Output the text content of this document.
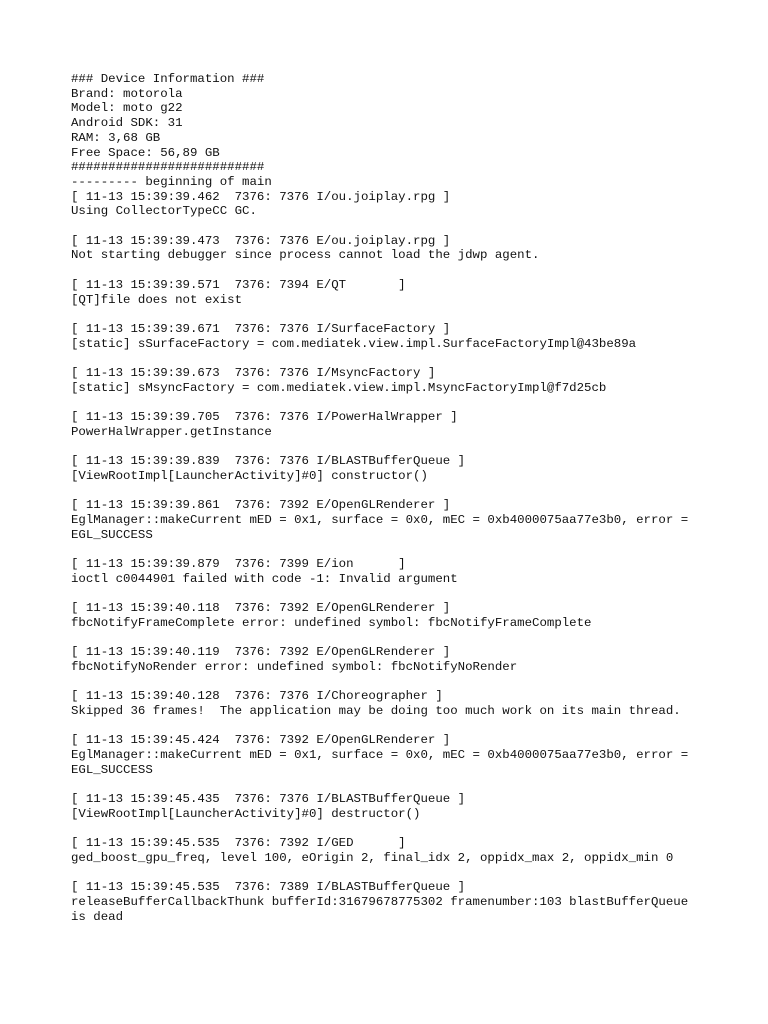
### Device Information ###
Brand: motorola
Model: moto g22
Android SDK: 31
RAM: 3,68 GB
Free Space: 56,89 GB
##########################
--------- beginning of main
[ 11-13 15:39:39.462  7376: 7376 I/ou.joiplay.rpg ]
Using CollectorTypeCC GC.
[ 11-13 15:39:39.473  7376: 7376 E/ou.joiplay.rpg ]
Not starting debugger since process cannot load the jdwp agent.
[ 11-13 15:39:39.571  7376: 7394 E/QT       ]
[QT]file does not exist
[ 11-13 15:39:39.671  7376: 7376 I/SurfaceFactory ]
[static] sSurfaceFactory = com.mediatek.view.impl.SurfaceFactoryImpl@43be89a
[ 11-13 15:39:39.673  7376: 7376 I/MsyncFactory ]
[static] sMsyncFactory = com.mediatek.view.impl.MsyncFactoryImpl@f7d25cb
[ 11-13 15:39:39.705  7376: 7376 I/PowerHalWrapper ]
PowerHalWrapper.getInstance
[ 11-13 15:39:39.839  7376: 7376 I/BLASTBufferQueue ]
[ViewRootImpl[LauncherActivity]#0] constructor()
[ 11-13 15:39:39.861  7376: 7392 E/OpenGLRenderer ]
EglManager::makeCurrent mED = 0x1, surface = 0x0, mEC = 0xb4000075aa77e3b0, error =
EGL_SUCCESS
[ 11-13 15:39:39.879  7376: 7399 E/ion      ]
ioctl c0044901 failed with code -1: Invalid argument
[ 11-13 15:39:40.118  7376: 7392 E/OpenGLRenderer ]
fbcNotifyFrameComplete error: undefined symbol: fbcNotifyFrameComplete
[ 11-13 15:39:40.119  7376: 7392 E/OpenGLRenderer ]
fbcNotifyNoRender error: undefined symbol: fbcNotifyNoRender
[ 11-13 15:39:40.128  7376: 7376 I/Choreographer ]
Skipped 36 frames!  The application may be doing too much work on its main thread.
[ 11-13 15:39:45.424  7376: 7392 E/OpenGLRenderer ]
EglManager::makeCurrent mED = 0x1, surface = 0x0, mEC = 0xb4000075aa77e3b0, error =
EGL_SUCCESS
[ 11-13 15:39:45.435  7376: 7376 I/BLASTBufferQueue ]
[ViewRootImpl[LauncherActivity]#0] destructor()
[ 11-13 15:39:45.535  7376: 7392 I/GED      ]
ged_boost_gpu_freq, level 100, eOrigin 2, final_idx 2, oppidx_max 2, oppidx_min 0
[ 11-13 15:39:45.535  7376: 7389 I/BLASTBufferQueue ]
releaseBufferCallbackThunk bufferId:31679678775302 framenumber:103 blastBufferQueue
is dead
